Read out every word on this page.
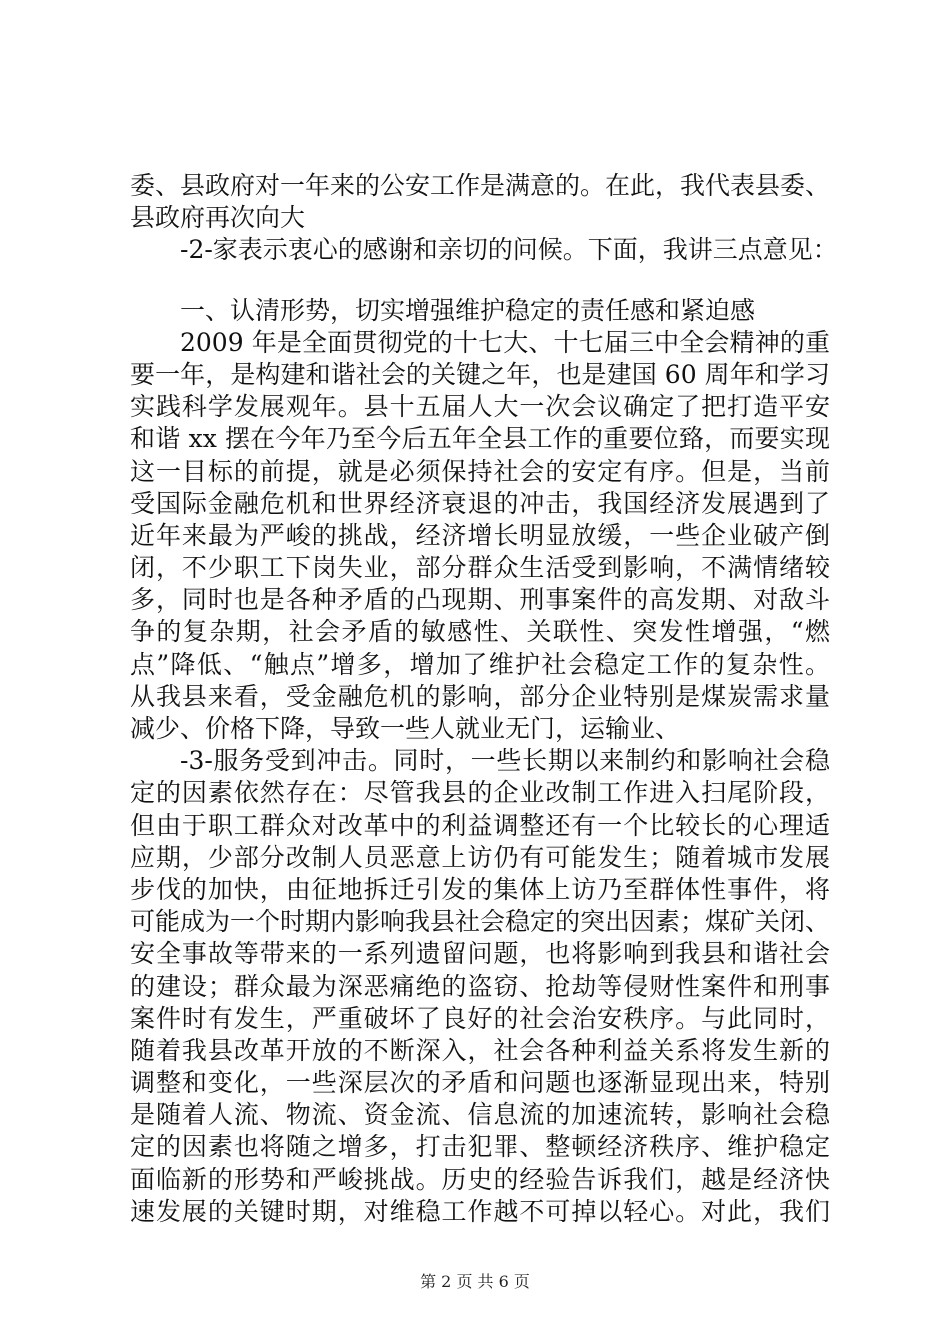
委、县政府对一年来的公安工作是满意的。在此，我代表县委、
县政府再次向大
-2-家表示衷心的感谢和亲切的问候。下面，我讲三点意见：
一、认清形势，切实增强维护稳定的责任感和紧迫感
2009 年是全面贯彻党的十七大、十七届三中全会精神的重
要一年，是构建和谐社会的关键之年，也是建国 60 周年和学习
实践科学发展观年。县十五届人大一次会议确定了把打造平安
和谐 xx 摆在今年乃至今后五年全县工作的重要位臵，而要实现
这一目标的前提，就是必须保持社会的安定有序。但是，当前
受国际金融危机和世界经济衰退的冲击，我国经济发展遇到了
近年来最为严峻的挑战，经济增长明显放缓，一些企业破产倒
闭，不少职工下岗失业，部分群众生活受到影响，不满情绪较
多，同时也是各种矛盾的凸现期、刑事案件的高发期、对敌斗
争的复杂期，社会矛盾的敏感性、关联性、突发性增强，“燃
点”降低、“触点”增多，增加了维护社会稳定工作的复杂性。
从我县来看，受金融危机的影响，部分企业特别是煤炭需求量
减少、价格下降，导致一些人就业无门，运输业、
-3-服务受到冲击。同时，一些长期以来制约和影响社会稳
定的因素依然存在：尽管我县的企业改制工作进入扫尾阶段，
但由于职工群众对改革中的利益调整还有一个比较长的心理适
应期，少部分改制人员恶意上访仍有可能发生；随着城市发展
步伐的加快，由征地拆迁引发的集体上访乃至群体性事件，将
可能成为一个时期内影响我县社会稳定的突出因素；煤矿关闭、
安全事故等带来的一系列遗留问题，也将影响到我县和谐社会
的建设；群众最为深恶痛绝的盗窃、抢劫等侵财性案件和刑事
案件时有发生，严重破坏了良好的社会治安秩序。与此同时，
随着我县改革开放的不断深入，社会各种利益关系将发生新的
调整和变化，一些深层次的矛盾和问题也逐渐显现出来，特别
是随着人流、物流、资金流、信息流的加速流转，影响社会稳
定的因素也将随之增多，打击犯罪、整顿经济秩序、维护稳定
面临新的形势和严峻挑战。历史的经验告诉我们，越是经济快
速发展的关键时期，对维稳工作越不可掉以轻心。对此，我们
第 2 页 共 6 页
